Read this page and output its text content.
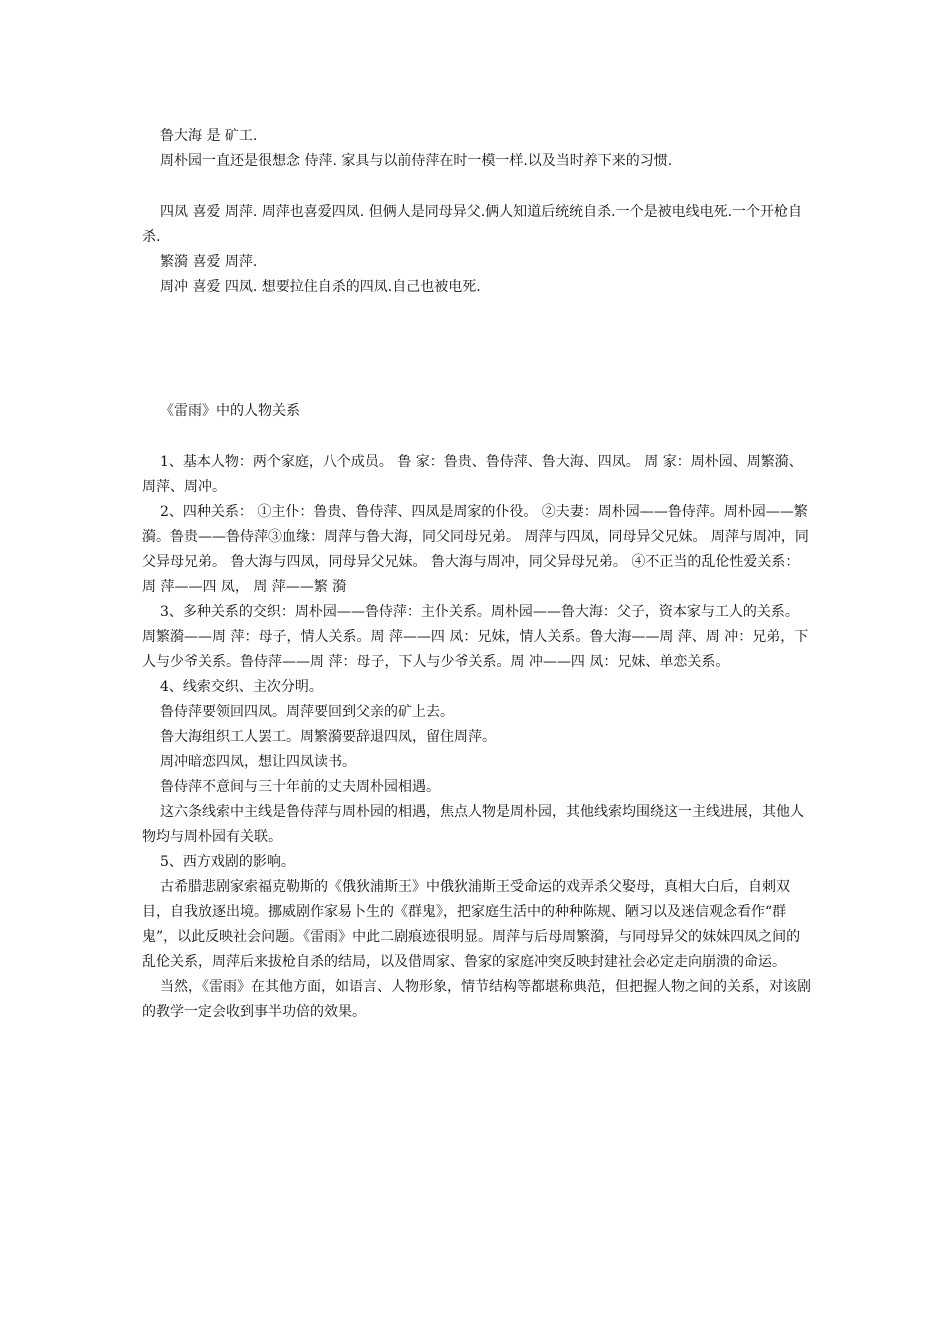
鲁大海 是 矿工.

周朴园一直还是很想念 侍萍. 家具与以前侍萍在时一模一样.以及当时养下来的习惯.

四凤 喜爱 周萍. 周萍也喜爱四凤. 但俩人是同母异父.俩人知道后统统自杀.一个是被电线电死.一个开枪自杀.

繁漪 喜爱 周萍.

周冲 喜爱 四凤. 想要拉住自杀的四凤.自己也被电死.

《雷雨》中的人物关系

1、基本人物：两个家庭，八个成员。 鲁 家：鲁贵、鲁侍萍、鲁大海、四凤。 周 家：周朴园、周繁漪、周萍、周冲。

2、四种关系： ①主仆：鲁贵、鲁侍萍、四凤是周家的仆役。 ②夫妻：周朴园——鲁侍萍。周朴园——繁漪。鲁贵——鲁侍萍③血缘：周萍与鲁大海，同父同母兄弟。 周萍与四凤，同母异父兄妹。 周萍与周冲，同父异母兄弟。 鲁大海与四凤，同母异父兄妹。 鲁大海与周冲，同父异母兄弟。 ④不正当的乱伦性爱关系：周 萍——四 凤， 周 萍——繁 漪

3、多种关系的交织：周朴园——鲁侍萍：主仆关系。周朴园——鲁大海：父子，资本家与工人的关系。周繁漪——周 萍：母子，情人关系。周 萍——四 凤：兄妹，情人关系。鲁大海——周 萍、周 冲：兄弟，下人与少爷关系。鲁侍萍——周 萍：母子，下人与少爷关系。周 冲——四 凤：兄妹、单恋关系。

4、线索交织、主次分明。

鲁侍萍要领回四凤。周萍要回到父亲的矿上去。

鲁大海组织工人罢工。周繁漪要辞退四凤，留住周萍。

周冲暗恋四凤，想让四凤读书。

鲁侍萍不意间与三十年前的丈夫周朴园相遇。

这六条线索中主线是鲁侍萍与周朴园的相遇，焦点人物是周朴园，其他线索均围绕这一主线进展，其他人物均与周朴园有关联。

5、西方戏剧的影响。

古希腊悲剧家索福克勒斯的《俄狄浦斯王》中俄狄浦斯王受命运的戏弄杀父娶母，真相大白后，自刺双目，自我放逐出境。挪威剧作家易卜生的《群鬼》，把家庭生活中的种种陈规、陋习以及迷信观念看作“群鬼”，以此反映社会问题。《雷雨》中此二剧痕迹很明显。周萍与后母周繁漪，与同母异父的妹妹四凤之间的乱伦关系，周萍后来拔枪自杀的结局，以及借周家、鲁家的家庭冲突反映封建社会必定走向崩溃的命运。

当然，《雷雨》在其他方面，如语言、人物形象，情节结构等都堪称典范，但把握人物之间的关系，对该剧的教学一定会收到事半功倍的效果。
